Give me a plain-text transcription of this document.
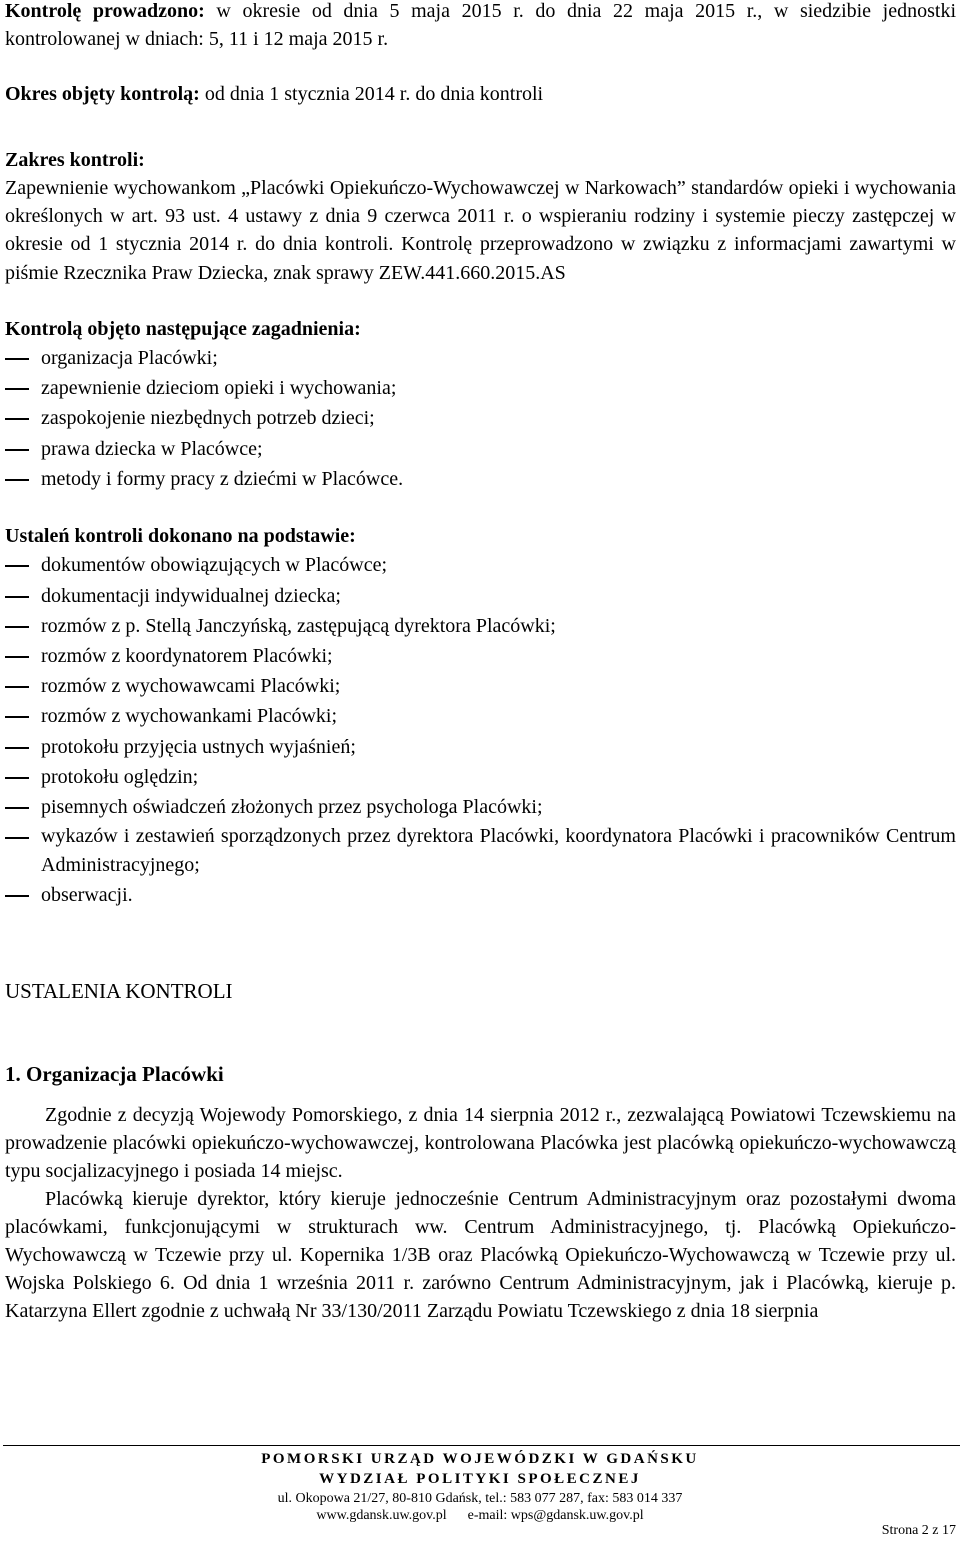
Kontrolę prowadzono: w okresie od dnia 5 maja 2015 r. do dnia 22 maja 2015 r., w siedzibie jednostki kontrolowanej w dniach: 5, 11 i 12 maja 2015 r.

Okres objęty kontrolą: od dnia 1 stycznia 2014 r. do dnia kontroli

Zakres kontroli:

Zapewnienie wychowankom „Placówki Opiekuńczo-Wychowawczej w Narkowach” standardów opieki i wychowania określonych w art. 93 ust. 4 ustawy z dnia 9 czerwca 2011 r. o wspieraniu rodziny i systemie pieczy zastępczej w okresie od 1 stycznia 2014 r. do dnia kontroli. Kontrolę przeprowadzono w związku z informacjami zawartymi w piśmie Rzecznika Praw Dziecka, znak sprawy ZEW.441.660.2015.AS

Kontrolą objęto następujące zagadnienia:

organizacja Placówki;
zapewnienie dzieciom opieki i wychowania;
zaspokojenie niezbędnych potrzeb dzieci;
prawa dziecka w Placówce;
metody i formy pracy z dziećmi w Placówce.

Ustaleń kontroli dokonano na podstawie:

dokumentów obowiązujących w Placówce;
dokumentacji indywidualnej dziecka;
rozmów z p. Stellą Janczyńską, zastępującą dyrektora Placówki;
rozmów z koordynatorem Placówki;
rozmów z wychowawcami Placówki;
rozmów z wychowankami Placówki;
protokołu przyjęcia ustnych wyjaśnień;
protokołu oględzin;
pisemnych oświadczeń złożonych przez psychologa Placówki;
wykazów i zestawień sporządzonych przez dyrektora Placówki, koordynatora Placówki i pracowników Centrum Administracyjnego;
obserwacji.

USTALENIA KONTROLI

1. Organizacja Placówki

Zgodnie z decyzją Wojewody Pomorskiego, z dnia 14 sierpnia 2012 r., zezwalającą Powiatowi Tczewskiemu na prowadzenie placówki opiekuńczo-wychowawczej, kontrolowana Placówka jest placówką opiekuńczo-wychowawczą typu socjalizacyjnego i posiada 14 miejsc.

Placówką kieruje dyrektor, który kieruje jednocześnie Centrum Administracyjnym oraz pozostałymi dwoma placówkami, funkcjonującymi w strukturach ww. Centrum Administracyjnego, tj. Placówką Opiekuńczo-Wychowawczą w Tczewie przy ul. Kopernika 1/3B oraz Placówką Opiekuńczo-Wychowawczą w Tczewie przy ul. Wojska Polskiego 6. Od dnia 1 września 2011 r. zarówno Centrum Administracyjnym, jak i Placówką, kieruje p. Katarzyna Ellert zgodnie z uchwałą Nr 33/130/2011 Zarządu Powiatu Tczewskiego z dnia 18 sierpnia

POMORSKI URZĄD WOJEWÓDZKI W GDAŃSKU
WYDZIAŁ POLITYKI SPOŁECZNEJ
ul. Okopowa 21/27, 80-810 Gdańsk, tel.: 583 077 287, fax: 583 014 337
www.gdansk.uw.gov.pl      e-mail: wps@gdansk.uw.gov.pl
Strona 2 z 17
